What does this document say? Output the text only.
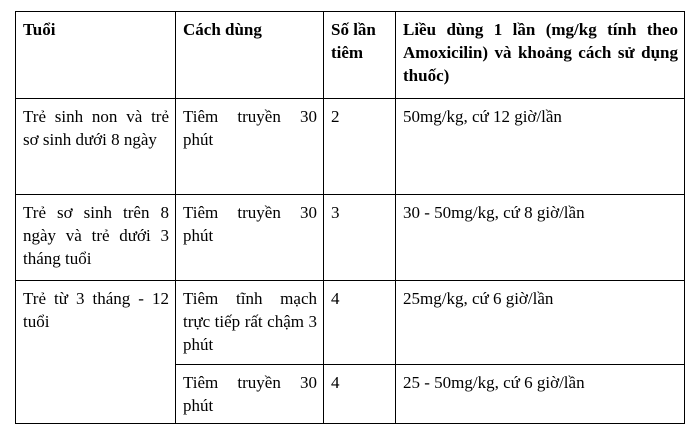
Tuổi	Cách dùng	Số lần tiêm	Liều dùng 1 lần (mg/kg tính theo Amoxicilin) và khoảng cách sử dụng thuốc)
Trẻ sinh non và trẻ sơ sinh dưới 8 ngày	Tiêm truyền 30 phút	2	50mg/kg, cứ 12 giờ/lần
Trẻ sơ sinh trên 8 ngày và trẻ dưới 3 tháng tuổi	Tiêm truyền 30 phút	3	30 - 50mg/kg, cứ 8 giờ/lần
Trẻ từ 3 tháng - 12 tuổi	Tiêm tĩnh mạch trực tiếp rất chậm 3 phút	4	25mg/kg, cứ 6 giờ/lần
	Tiêm truyền 30 phút	4	25 - 50mg/kg, cứ 6 giờ/lần
